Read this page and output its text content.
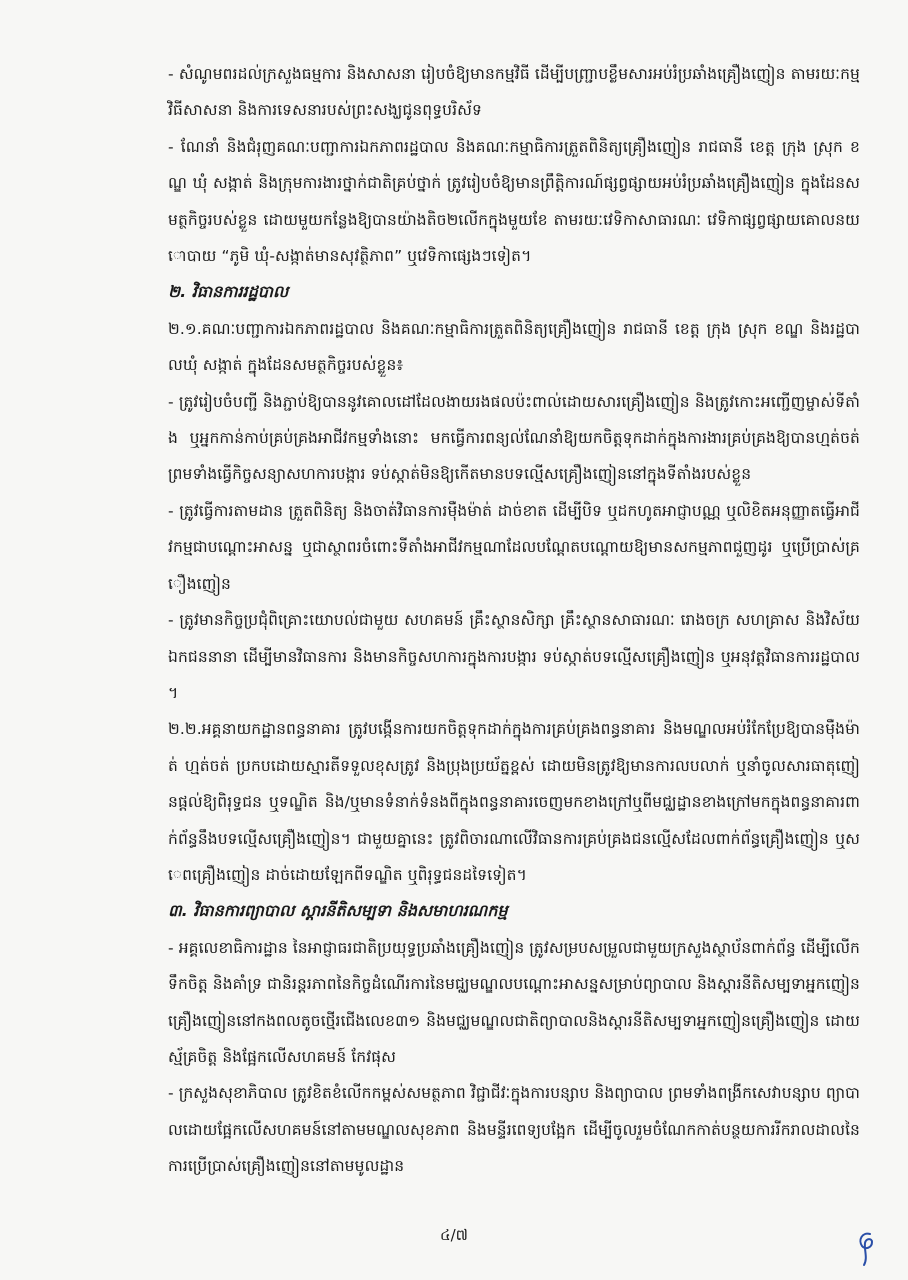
- សំណូមពរដល់ក្រសួងធម្មការ និងសាសនា រៀបចំឱ្យមានកម្មវិធី ដើម្បីបញ្ជ្រាបខ្លឹមសារអប់រំប្រឆាំងគ្រឿងញៀន តាមរយៈកម្មវិធីសាសនា និងការទេសនារបស់ព្រះសង្ឃជូនពុទ្ធបរិស័ទ

- ណែនាំ និងជំរុញគណៈបញ្ជាការឯកភាពរដ្ឋបាល និងគណៈកម្មាធិការត្រួតពិនិត្យគ្រឿងញៀន រាជធានី ខេត្ត ក្រុង ស្រុក ខណ្ឌ ឃុំ សង្កាត់ និងក្រុមការងារថ្នាក់ជាតិគ្រប់ថ្នាក់ ត្រូវរៀបចំឱ្យមានព្រឹត្តិការណ៍ផ្សព្វផ្សាយអប់រំប្រឆាំងគ្រឿងញៀន ក្នុងដែនសមត្ថកិច្ចរបស់ខ្លួន ដោយមួយកន្លែងឱ្យបានយ៉ាងតិច២លើកក្នុងមួយខែ តាមរយៈវេទិកាសាធារណៈ វេទិកាផ្សព្វផ្សាយគោលនយោបាយ “ភូមិ ឃុំ-សង្កាត់មានសុវត្ថិភាព” ឬវេទិកាផ្សេងៗទៀត។

២. វិធានការរដ្ឋបាល

២.១.គណៈបញ្ជាការឯកភាពរដ្ឋបាល និងគណៈកម្មាធិការត្រួតពិនិត្យគ្រឿងញៀន រាជធានី ខេត្ត ក្រុង ស្រុក ខណ្ឌ និងរដ្ឋបាលឃុំ សង្កាត់ ក្នុងដែនសមត្ថកិច្ចរបស់ខ្លួន៖

- ត្រូវរៀបចំបញ្ជី និងភ្ជាប់ឱ្យបាននូវគោលដៅដែលងាយរងផលប៉ះពាល់ដោយសារគ្រឿងញៀន និងត្រូវកោះអញ្ជើញម្ចាស់ទីតាំង ឬអ្នកកាន់កាប់គ្រប់គ្រងអាជីវកម្មទាំងនោះ មកធ្វើការពន្យល់ណែនាំឱ្យយកចិត្តទុកដាក់ក្នុងការងារគ្រប់គ្រងឱ្យបានហ្មត់ចត់ ព្រមទាំងធ្វើកិច្ចសន្យាសហការបង្ការ ទប់ស្កាត់មិនឱ្យកើតមានបទល្មើសគ្រឿងញៀននៅក្នុងទីតាំងរបស់ខ្លួន

- ត្រូវធ្វើការតាមដាន ត្រួតពិនិត្យ និងចាត់វិធានការម៉ឺងម៉ាត់ ដាច់ខាត ដើម្បីបិទ ឬដកហូតអាជ្ញាបណ្ណ ឬលិខិតអនុញ្ញាតធ្វើអាជីវកម្មជាបណ្ដោះអាសន្ន ឬជាស្ថាពរចំពោះទីតាំងអាជីវកម្មណាដែលបណ្ដែតបណ្ដោយឱ្យមានសកម្មភាពជួញដូរ ឬប្រើប្រាស់គ្រឿងញៀន

- ត្រូវមានកិច្ចប្រជុំពិគ្រោះយោបល់ជាមួយ សហគមន៍ គ្រឹះស្ថានសិក្សា គ្រឹះស្ថានសាធារណៈ រោងចក្រ សហគ្រាស និងវិស័យឯកជននានា ដើម្បីមានវិធានការ និងមានកិច្ចសហការក្នុងការបង្ការ ទប់ស្កាត់បទល្មើសគ្រឿងញៀន ឬអនុវត្តវិធានការរដ្ឋបាល។

២.២.អគ្គនាយកដ្ឋានពន្ធនាគារ ត្រូវបង្កើនការយកចិត្តទុកដាក់ក្នុងការគ្រប់គ្រងពន្ធនាគារ និងមណ្ឌលអប់រំកែប្រែឱ្យបានម៉ឺងម៉ាត់ ហ្មត់ចត់ ប្រកបដោយស្មារតីទទួលខុសត្រូវ និងប្រុងប្រយ័ត្នខ្ពស់ ដោយមិនត្រូវឱ្យមានការលបលាក់ ឬនាំចូលសារធាតុញៀនផ្ដល់ឱ្យពិរុទ្ធជន ឬទណ្ឌិត និង/ឬមានទំនាក់ទំនងពីក្នុងពន្ធនាគារចេញមកខាងក្រៅឬពីមជ្ឈដ្ឋានខាងក្រៅមកក្នុងពន្ធនាគារពាក់ព័ន្ធនឹងបទល្មើសគ្រឿងញៀន។ ជាមួយគ្នានេះ ត្រូវពិចារណាលើវិធានការគ្រប់គ្រងជនល្មើសដែលពាក់ព័ន្ធគ្រឿងញៀន ឬសេពគ្រឿងញៀន ដាច់ដោយឡែកពីទណ្ឌិត ឬពិរុទ្ធជនដទៃទៀត។

៣. វិធានការព្យាបាល ស្ដារនីតិសម្បទា និងសមាហរណកម្ម

- អគ្គលេខាធិការដ្ឋាន នៃអាជ្ញាធរជាតិប្រយុទ្ធប្រឆាំងគ្រឿងញៀន ត្រូវសម្របសម្រួលជាមួយក្រសួងស្ថាប័នពាក់ព័ន្ធ ដើម្បីលើកទឹកចិត្ត និងគាំទ្រ ជានិរន្តរភាពនៃកិច្ចដំណើរការនៃមជ្ឈមណ្ឌលបណ្ដោះអាសន្នសម្រាប់ព្យាបាល និងស្ដារនីតិសម្បទាអ្នកញៀនគ្រឿងញៀននៅកងពលតូចថ្មើរជើងលេខ៣១ និងមជ្ឈមណ្ឌលជាតិព្យាបាលនិងស្ដារនីតិសម្បទាអ្នកញៀនគ្រឿងញៀន ដោយស្ម័គ្រចិត្ត និងផ្អែកលើសហគមន៍ កែវផុស

- ក្រសួងសុខាភិបាល ត្រូវខិតខំលើកកម្ពស់សមត្ថភាព វិជ្ជាជីវៈក្នុងការបន្សាប និងព្យាបាល ព្រមទាំងពង្រីកសេវាបន្សាប ព្យាបាលដោយផ្អែកលើសហគមន៍នៅតាមមណ្ឌលសុខភាព និងមន្ទីរពេទ្យបង្អែក ដើម្បីចូលរួមចំណែកកាត់បន្ថយការរីករាលដាលនៃការប្រើប្រាស់គ្រឿងញៀននៅតាមមូលដ្ឋាន

៤/៧
